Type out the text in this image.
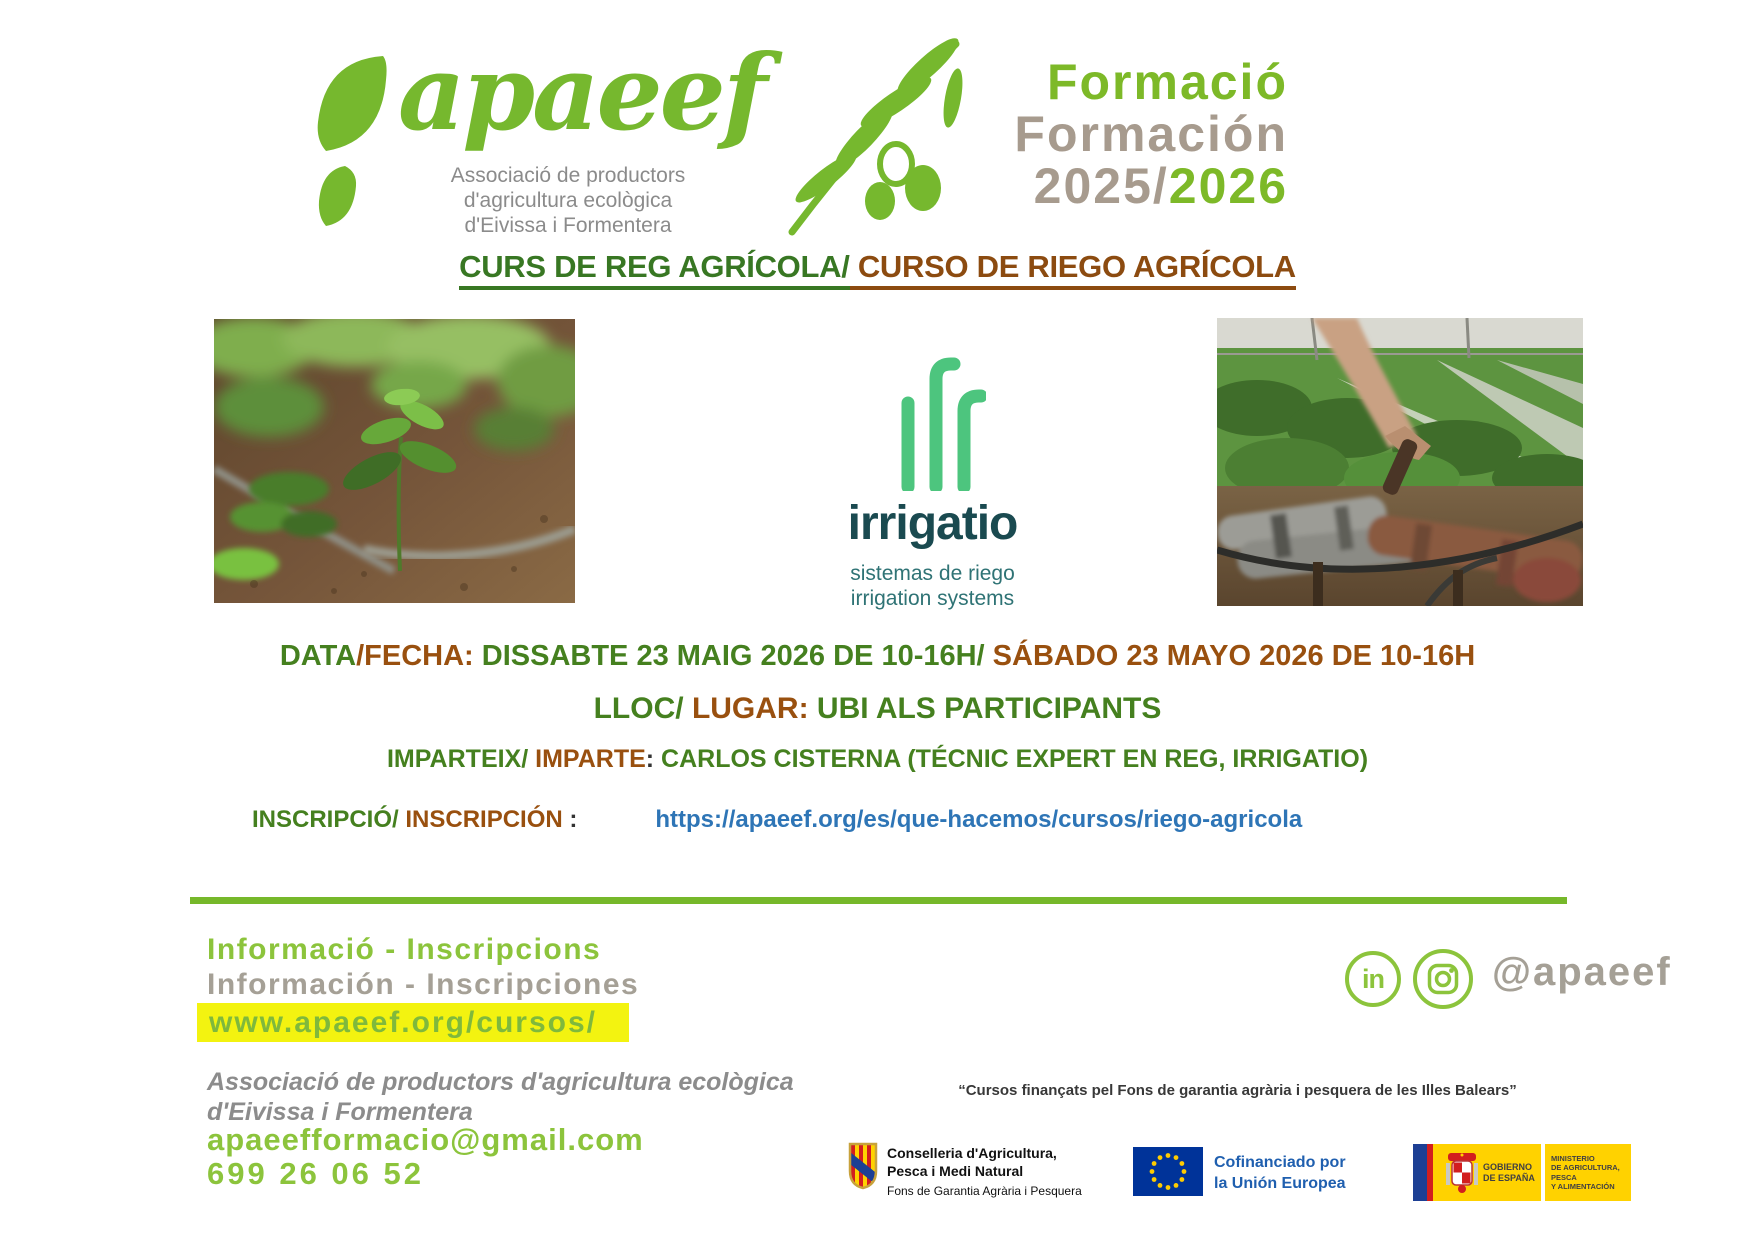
apaeef
Associació de productors
d'agricultura ecològica
d'Eivissa i Formentera
Formació
Formación
2025/2026
CURS DE REG AGRÍCOLA/ CURSO DE RIEGO AGRÍCOLA
irrigatio
sistemas de riego
irrigation systems
DATA/FECHA: DISSABTE 23 MAIG 2026 DE 10-16H/ SÁBADO 23 MAYO 2026 DE 10-16H
LLOC/ LUGAR: UBI ALS PARTICIPANTS
IMPARTEIX/ IMPARTE: CARLOS CISTERNA (TÉCNIC EXPERT EN REG, IRRIGATIO)
INSCRIPCIÓ/ INSCRIPCIÓN :	https://apaeef.org/es/que-hacemos/cursos/riego-agricola
Informació - Inscripcions
Información - Inscripciones
www.apaeef.org/cursos/
Associació de productors d'agricultura ecològica
d'Eivissa i Formentera
apaeefformacio@gmail.com
699 26 06 52
in	@apaeef
“Cursos finançats pel Fons de garantia agrària i pesquera de les Illes Balears”
Conselleria d'Agricultura,
Pesca i Medi Natural
Fons de Garantia Agrària i Pesquera
Cofinanciado por
la Unión Europea
GOBIERNO
DE ESPAÑA
MINISTERIO
DE AGRICULTURA, PESCA
Y ALIMENTACIÓN
